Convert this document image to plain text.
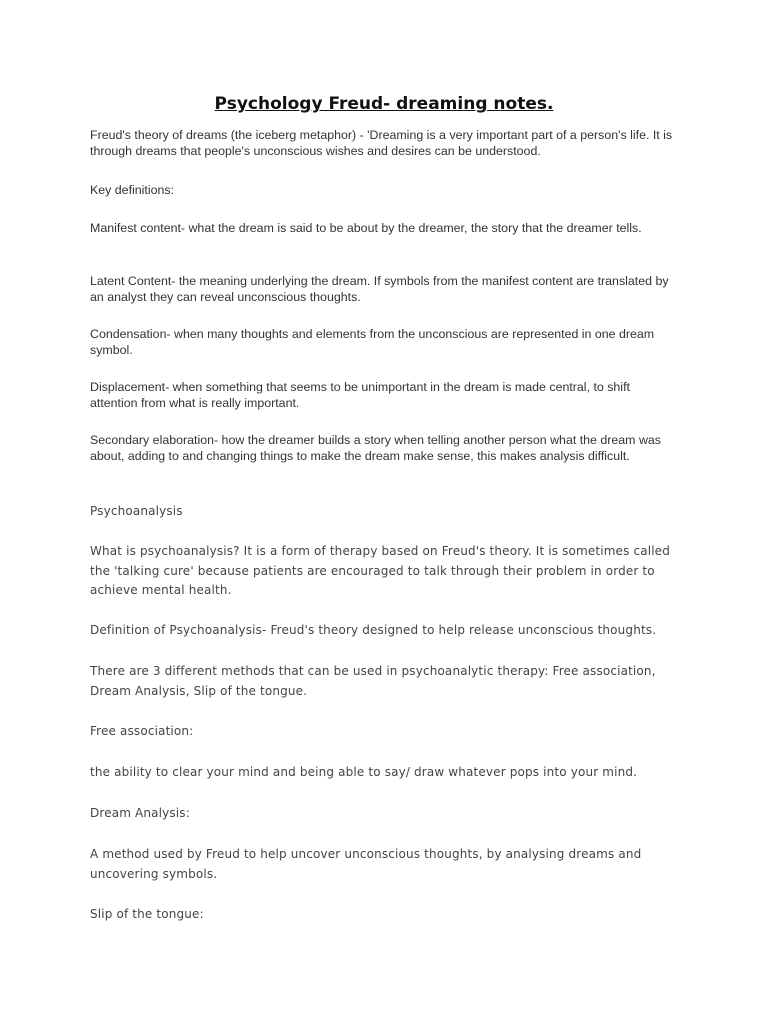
Psychology Freud- dreaming notes.

Freud's theory of dreams (the iceberg metaphor) - 'Dreaming is a very important part of a person's life. It is through dreams that people's unconscious wishes and desires can be understood.

Key definitions:

Manifest content- what the dream is said to be about by the dreamer, the story that the dreamer tells.

Latent Content- the meaning underlying the dream. If symbols from the manifest content are translated by an analyst they can reveal unconscious thoughts.

Condensation- when many thoughts and elements from the unconscious are represented in one dream symbol.

Displacement- when something that seems to be unimportant in the dream is made central, to shift attention from what is really important.

Secondary elaboration- how the dreamer builds a story when telling another person what the dream was about, adding to and changing things to make the dream make sense, this makes analysis difficult.

Psychoanalysis

What is psychoanalysis? It is a form of therapy based on Freud's theory. It is sometimes called the 'talking cure' because patients are encouraged to talk through their problem in order to achieve mental health.

Definition of Psychoanalysis- Freud's theory designed to help release unconscious thoughts.

There are 3 different methods that can be used in psychoanalytic therapy: Free association, Dream Analysis, Slip of the tongue.

Free association:

the ability to clear your mind and being able to say/ draw whatever pops into your mind.

Dream Analysis:

A method used by Freud to help uncover unconscious thoughts, by analysing dreams and uncovering symbols.

Slip of the tongue:
